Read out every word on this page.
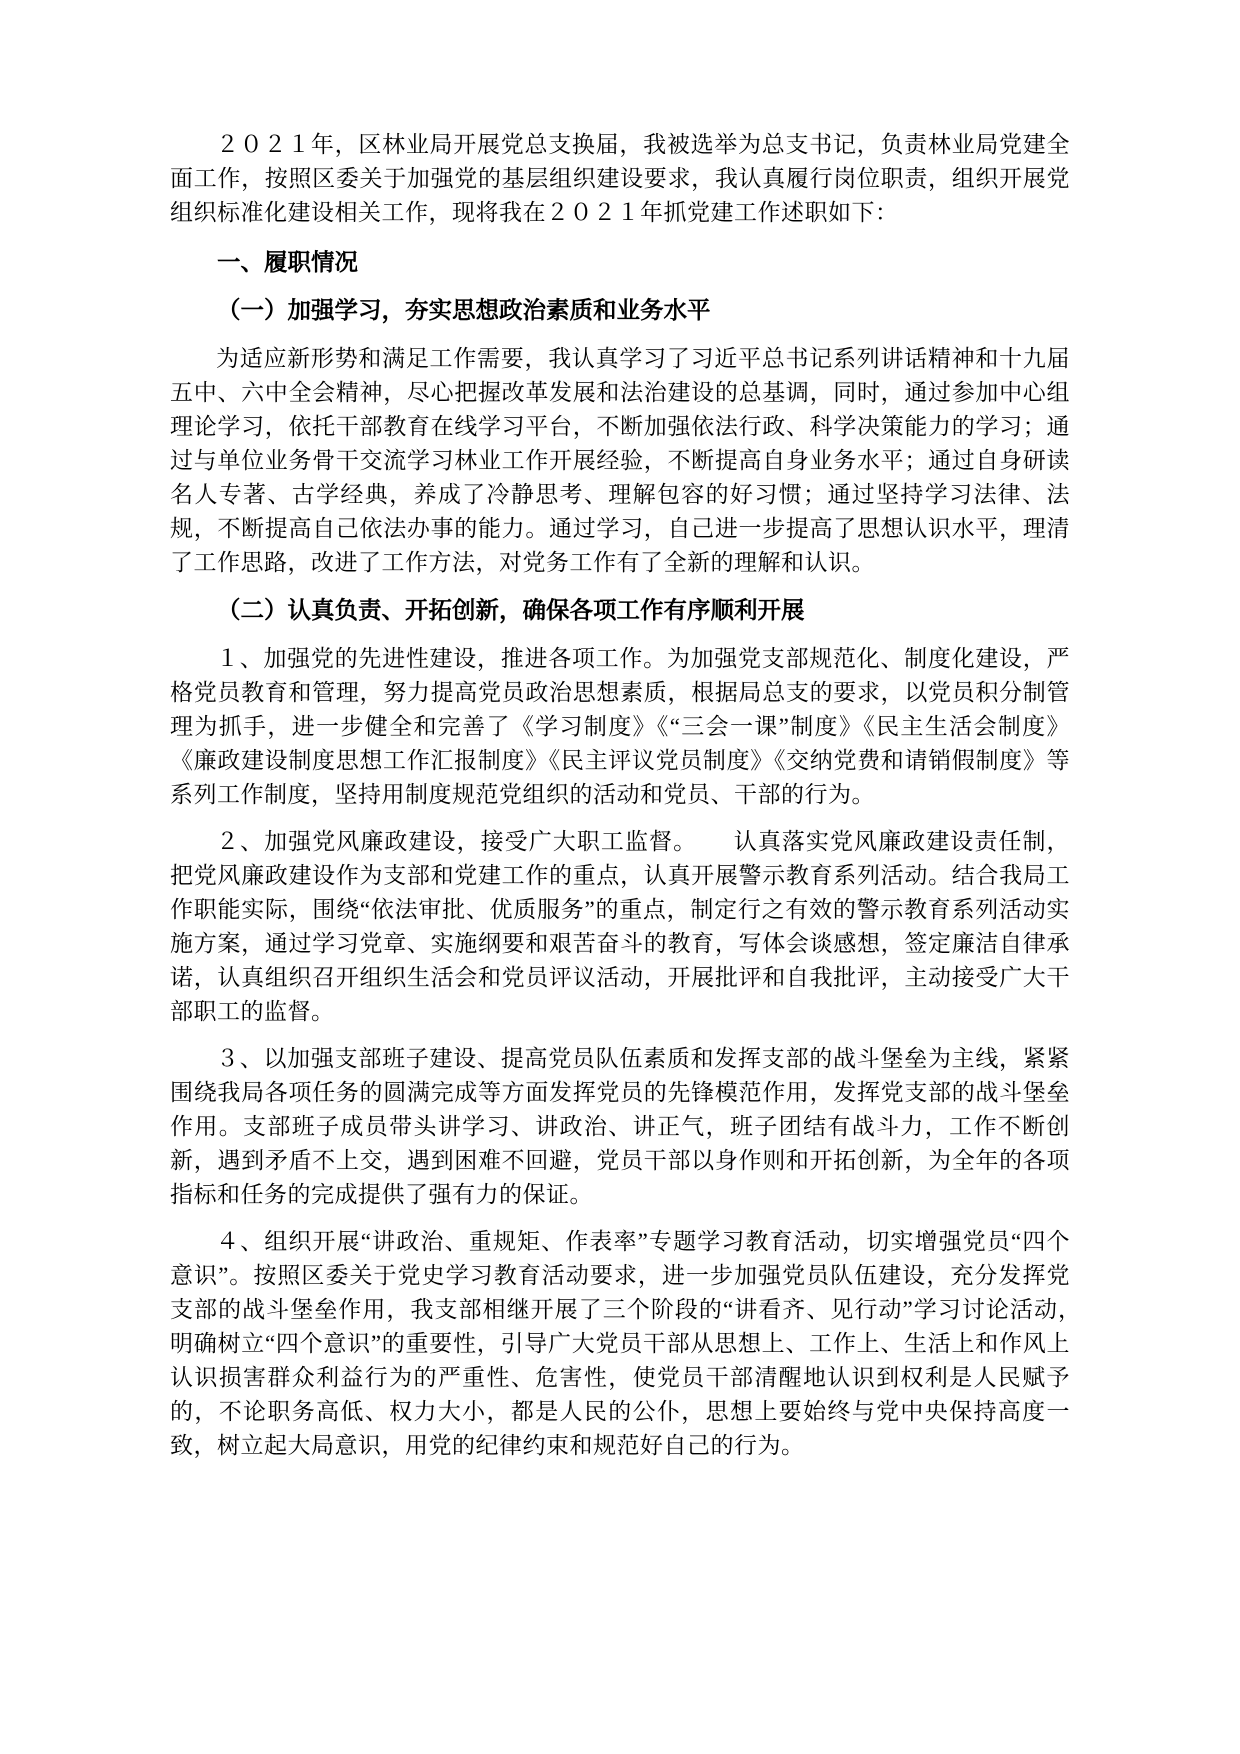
２０２１年，区林业局开展党总支换届，我被选举为总支书记，负责林业局党建全面工作，按照区委关于加强党的基层组织建设要求，我认真履行岗位职责，组织开展党组织标准化建设相关工作，现将我在２０２１年抓党建工作述职如下：

一、履职情况

（一）加强学习，夯实思想政治素质和业务水平

为适应新形势和满足工作需要，我认真学习了习近平总书记系列讲话精神和十九届五中、六中全会精神，尽心把握改革发展和法治建设的总基调，同时，通过参加中心组理论学习，依托干部教育在线学习平台，不断加强依法行政、科学决策能力的学习；通过与单位业务骨干交流学习林业工作开展经验，不断提高自身业务水平；通过自身研读名人专著、古学经典，养成了冷静思考、理解包容的好习惯；通过坚持学习法律、法规，不断提高自己依法办事的能力。通过学习，自己进一步提高了思想认识水平，理清了工作思路，改进了工作方法，对党务工作有了全新的理解和认识。

（二）认真负责、开拓创新，确保各项工作有序顺利开展

１、加强党的先进性建设，推进各项工作。为加强党支部规范化、制度化建设，严格党员教育和管理，努力提高党员政治思想素质，根据局总支的要求，以党员积分制管理为抓手，进一步健全和完善了《学习制度》《“三会一课”制度》《民主生活会制度》《廉政建设制度思想工作汇报制度》《民主评议党员制度》《交纳党费和请销假制度》等系列工作制度，坚持用制度规范党组织的活动和党员、干部的行为。

２、加强党风廉政建设，接受广大职工监督。　　认真落实党风廉政建设责任制，把党风廉政建设作为支部和党建工作的重点，认真开展警示教育系列活动。结合我局工作职能实际，围绕“依法审批、优质服务”的重点，制定行之有效的警示教育系列活动实施方案，通过学习党章、实施纲要和艰苦奋斗的教育，写体会谈感想，签定廉洁自律承诺，认真组织召开组织生活会和党员评议活动，开展批评和自我批评，主动接受广大干部职工的监督。

３、以加强支部班子建设、提高党员队伍素质和发挥支部的战斗堡垒为主线，紧紧围绕我局各项任务的圆满完成等方面发挥党员的先锋模范作用，发挥党支部的战斗堡垒作用。支部班子成员带头讲学习、讲政治、讲正气，班子团结有战斗力，工作不断创新，遇到矛盾不上交，遇到困难不回避，党员干部以身作则和开拓创新，为全年的各项指标和任务的完成提供了强有力的保证。

４、组织开展“讲政治、重规矩、作表率”专题学习教育活动，切实增强党员“四个意识”。按照区委关于党史学习教育活动要求，进一步加强党员队伍建设，充分发挥党支部的战斗堡垒作用，我支部相继开展了三个阶段的“讲看齐、见行动”学习讨论活动，　　明确树立“四个意识”的重要性，引导广大党员干部从思想上、工作上、生活上和作风上认识损害群众利益行为的严重性、危害性，使党员干部清醒地认识到权利是人民赋予的，不论职务高低、权力大小，都是人民的公仆，思想上要始终与党中央保持高度一致，树立起大局意识，用党的纪律约束和规范好自己的行为。
